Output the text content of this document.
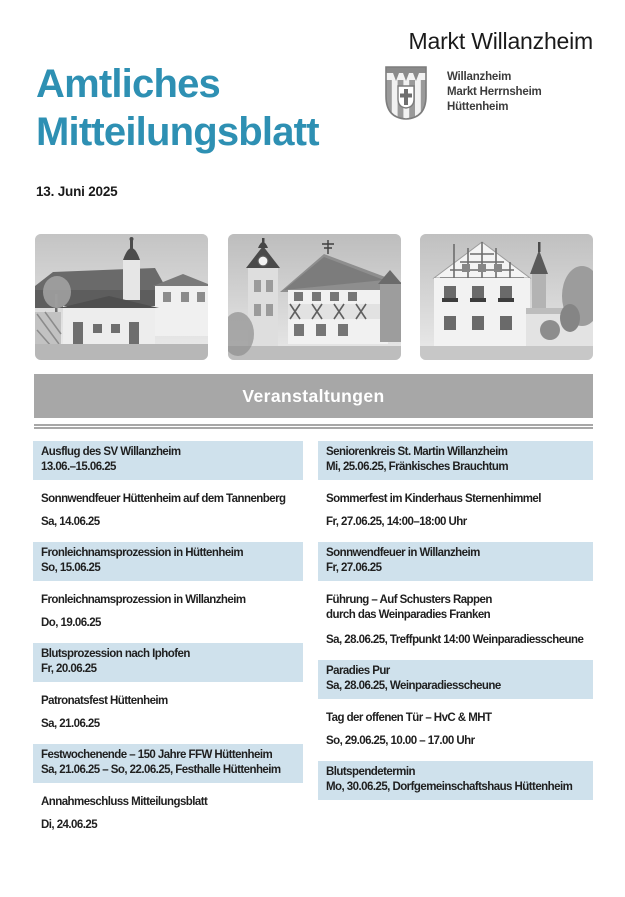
Markt Willanzheim
Amtliches
Mitteilungsblatt
Willanzheim
Markt Herrnsheim
Hüttenheim
13. Juni 2025
Veranstaltungen
Ausflug des SV Willanzheim
13.06.–15.06.25
Sonnwendfeuer Hüttenheim auf dem Tannenberg
Sa, 14.06.25
Fronleichnamsprozession in Hüttenheim
So, 15.06.25
Fronleichnamsprozession in Willanzheim
Do, 19.06.25
Blutsprozession nach Iphofen
Fr, 20.06.25
Patronatsfest Hüttenheim
Sa, 21.06.25
Festwochenende – 150 Jahre FFW Hüttenheim
Sa, 21.06.25 – So, 22.06.25, Festhalle Hüttenheim
Annahmeschluss Mitteilungsblatt
Di, 24.06.25
Seniorenkreis St. Martin Willanzheim
Mi, 25.06.25, Fränkisches Brauchtum
Sommerfest im Kinderhaus Sternenhimmel
Fr, 27.06.25, 14:00–18:00 Uhr
Sonnwendfeuer in Willanzheim
Fr, 27.06.25
Führung – Auf Schusters Rappen
durch das Weinparadies Franken
Sa, 28.06.25, Treffpunkt 14:00 Weinparadiesscheune
Paradies Pur
Sa, 28.06.25, Weinparadiesscheune
Tag der offenen Tür – HvC & MHT
So, 29.06.25, 10.00 – 17.00 Uhr
Blutspendetermin
Mo, 30.06.25, Dorfgemeinschaftshaus Hüttenheim
